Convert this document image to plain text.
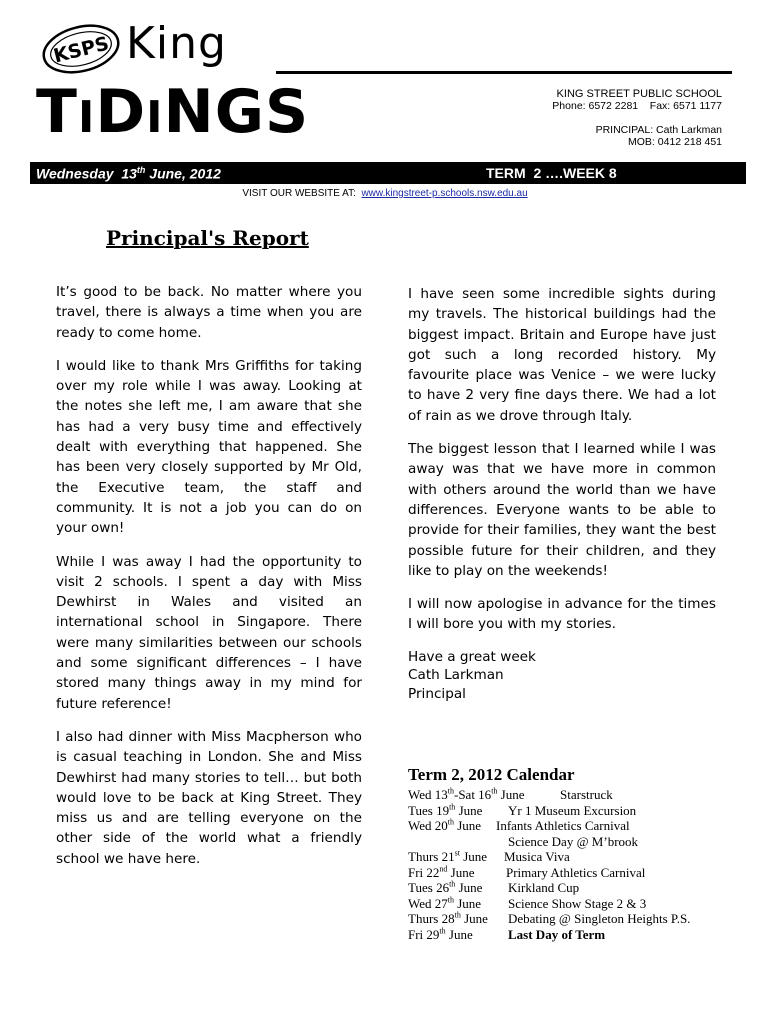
KSPS King
TIDINGS	KING STREET PUBLIC SCHOOL
Phone: 6572 2281    Fax: 6571 1177
PRINCIPAL: Cath Larkman
MOB: 0412 218 451
Wednesday  13th June, 2012	TERM  2 ….WEEK 8
VISIT OUR WEBSITE AT: www.kingstreet-p.schools.nsw.edu.au
Principal's Report

It’s good to be back. No matter where you travel, there is always a time when you are ready to come home.

I would like to thank Mrs Griffiths for taking over my role while I was away. Looking at the notes she left me, I am aware that she has had a very busy time and effectively dealt with everything that happened. She has been very closely supported by Mr Old, the Executive team, the staff and community. It is not a job you can do on your own!

While I was away I had the opportunity to visit 2 schools. I spent a day with Miss Dewhirst in Wales and visited an international school in Singapore. There were many similarities between our schools and some significant differences – I have stored many things away in my mind for future reference!

I also had dinner with Miss Macpherson who is casual teaching in London. She and Miss Dewhirst had many stories to tell… but both would love to be back at King Street. They miss us and are telling everyone on the other side of the world what a friendly school we have here.

I have seen some incredible sights during my travels. The historical buildings had the biggest impact. Britain and Europe have just got such a long recorded history. My favourite place was Venice – we were lucky to have 2 very fine days there. We had a lot of rain as we drove through Italy.

The biggest lesson that I learned while I was away was that we have more in common with others around the world than we have differences. Everyone wants to be able to provide for their families, they want the best possible future for their children, and they like to play on the weekends!

I will now apologise in advance for the times I will bore you with my stories.

Have a great week
Cath Larkman
Principal
Term 2, 2012 Calendar
Wed 13th-Sat 16th June	Starstruck
Tues 19th June Yr 1 Museum Excursion
Wed 20th June Infants Athletics Carnival
Science Day @ M’brook
Thurs 21st June Musica Viva
Fri 22nd June Primary Athletics Carnival
Tues 26th June Kirkland Cup
Wed 27th June Science Show Stage 2 & 3
Thurs 28th June Debating @ Singleton Heights P.S.
Fri 29th June	Last Day of Term
